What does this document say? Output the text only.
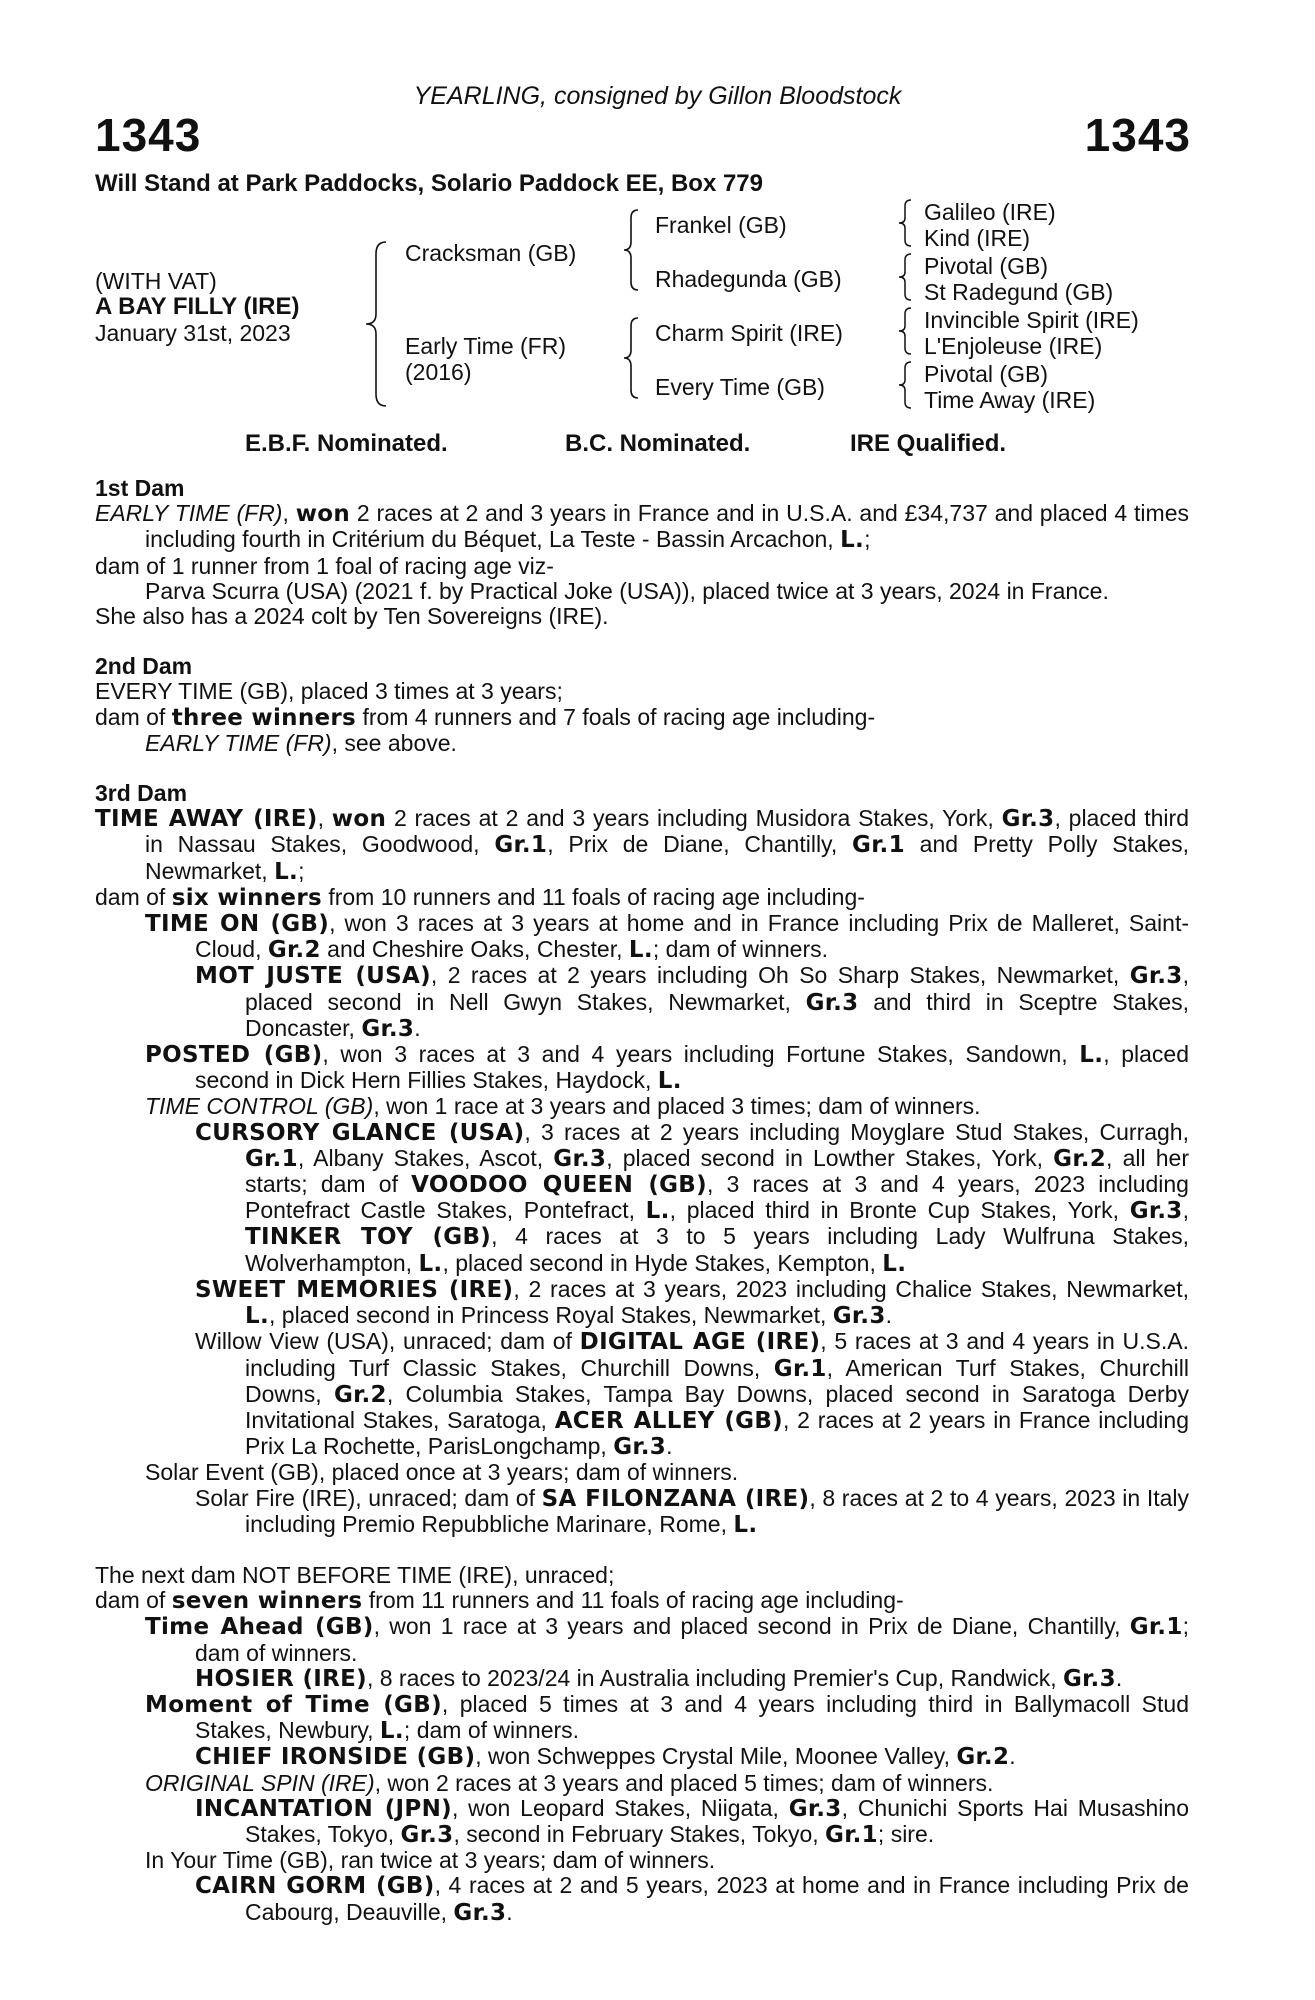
YEARLING, consigned by Gillon Bloodstock
1343	1343
Will Stand at Park Paddocks, Solario Paddock EE, Box 779
(WITH VAT)
A BAY FILLY (IRE)
January 31st, 2023
Cracksman (GB)
Early Time (FR)
(2016)
Frankel (GB)
Rhadegunda (GB)
Charm Spirit (IRE)
Every Time (GB)
Galileo (IRE)
Kind (IRE)
Pivotal (GB)
St Radegund (GB)
Invincible Spirit (IRE)
L'Enjoleuse (IRE)
Pivotal (GB)
Time Away (IRE)
E.B.F. Nominated.	B.C. Nominated.	IRE Qualified.

1st Dam

EARLY TIME (FR), won 2 races at 2 and 3 years in France and in U.S.A. and £34,737 and placed 4 times including fourth in Critérium du Béquet, La Teste - Bassin Arcachon, L.;

dam of 1 runner from 1 foal of racing age viz-

Parva Scurra (USA) (2021 f. by Practical Joke (USA)), placed twice at 3 years, 2024 in France.

She also has a 2024 colt by Ten Sovereigns (IRE).

2nd Dam

EVERY TIME (GB), placed 3 times at 3 years;

dam of three winners from 4 runners and 7 foals of racing age including-

EARLY TIME (FR), see above.

3rd Dam

TIME AWAY (IRE), won 2 races at 2 and 3 years including Musidora Stakes, York, Gr.3, placed third in Nassau Stakes, Goodwood, Gr.1, Prix de Diane, Chantilly, Gr.1 and Pretty Polly Stakes, Newmarket, L.;

dam of six winners from 10 runners and 11 foals of racing age including-

TIME ON (GB), won 3 races at 3 years at home and in France including Prix de Malleret, Saint-Cloud, Gr.2 and Cheshire Oaks, Chester, L.; dam of winners.

MOT JUSTE (USA), 2 races at 2 years including Oh So Sharp Stakes, Newmarket, Gr.3, placed second in Nell Gwyn Stakes, Newmarket, Gr.3 and third in Sceptre Stakes, Doncaster, Gr.3.

POSTED (GB), won 3 races at 3 and 4 years including Fortune Stakes, Sandown, L., placed second in Dick Hern Fillies Stakes, Haydock, L.

TIME CONTROL (GB), won 1 race at 3 years and placed 3 times; dam of winners.

CURSORY GLANCE (USA), 3 races at 2 years including Moyglare Stud Stakes, Curragh, Gr.1, Albany Stakes, Ascot, Gr.3, placed second in Lowther Stakes, York, Gr.2, all her starts; dam of VOODOO QUEEN (GB), 3 races at 3 and 4 years, 2023 including Pontefract Castle Stakes, Pontefract, L., placed third in Bronte Cup Stakes, York, Gr.3, TINKER TOY (GB), 4 races at 3 to 5 years including Lady Wulfruna Stakes, Wolverhampton, L., placed second in Hyde Stakes, Kempton, L.

SWEET MEMORIES (IRE), 2 races at 3 years, 2023 including Chalice Stakes, Newmarket, L., placed second in Princess Royal Stakes, Newmarket, Gr.3.

Willow View (USA), unraced; dam of DIGITAL AGE (IRE), 5 races at 3 and 4 years in U.S.A. including Turf Classic Stakes, Churchill Downs, Gr.1, American Turf Stakes, Churchill Downs, Gr.2, Columbia Stakes, Tampa Bay Downs, placed second in Saratoga Derby Invitational Stakes, Saratoga, ACER ALLEY (GB), 2 races at 2 years in France including Prix La Rochette, ParisLongchamp, Gr.3.

Solar Event (GB), placed once at 3 years; dam of winners.

Solar Fire (IRE), unraced; dam of SA FILONZANA (IRE), 8 races at 2 to 4 years, 2023 in Italy including Premio Repubbliche Marinare, Rome, L.

The next dam NOT BEFORE TIME (IRE), unraced;

dam of seven winners from 11 runners and 11 foals of racing age including-

Time Ahead (GB), won 1 race at 3 years and placed second in Prix de Diane, Chantilly, Gr.1; dam of winners.

HOSIER (IRE), 8 races to 2023/24 in Australia including Premier's Cup, Randwick, Gr.3.

Moment of Time (GB), placed 5 times at 3 and 4 years including third in Ballymacoll Stud Stakes, Newbury, L.; dam of winners.

CHIEF IRONSIDE (GB), won Schweppes Crystal Mile, Moonee Valley, Gr.2.

ORIGINAL SPIN (IRE), won 2 races at 3 years and placed 5 times; dam of winners.

INCANTATION (JPN), won Leopard Stakes, Niigata, Gr.3, Chunichi Sports Hai Musashino Stakes, Tokyo, Gr.3, second in February Stakes, Tokyo, Gr.1; sire.

In Your Time (GB), ran twice at 3 years; dam of winners.

CAIRN GORM (GB), 4 races at 2 and 5 years, 2023 at home and in France including Prix de Cabourg, Deauville, Gr.3.
